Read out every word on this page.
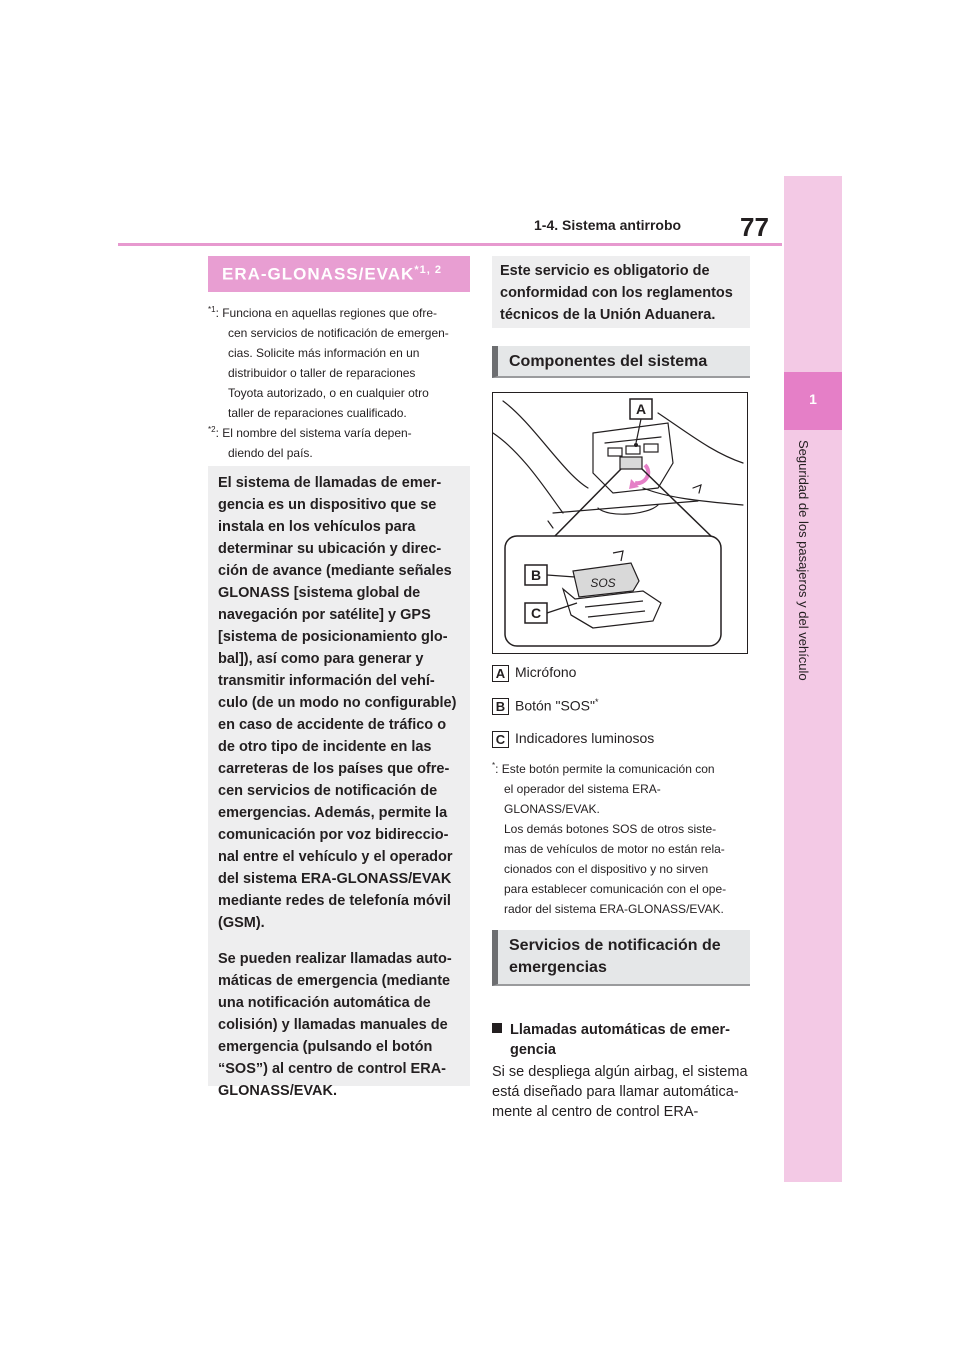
1-4. Sistema antirrobo 77
1
Seguridad de los pasajeros y del vehículo
ERA-GLONASS/EVAK$^{*1, 2}$
$^{*1}$: Funciona en aquellas regiones que ofre-
cen servicios de notificación de emergen-
cias. Solicite más información en un
distribuidor o taller de reparaciones
Toyota autorizado, o en cualquier otro
taller de reparaciones cualificado.
$^{*2}$: El nombre del sistema varía depen-
diendo del país.

El sistema de llamadas de emer-

gencia es un dispositivo que se

instala en los vehículos para

determinar su ubicación y direc-

ción de avance (mediante señales

GLONASS [sistema global de

navegación por satélite] y GPS

[sistema de posicionamiento glo-

bal]), así como para generar y

transmitir información del vehí-

culo (de un modo no configurable)

en caso de accidente de tráfico o

de otro tipo de incidente en las

carreteras de los países que ofre-

cen servicios de notificación de

emergencias. Además, permite la

comunicación por voz bidireccio-

nal entre el vehículo y el operador

del sistema ERA-GLONASS/EVAK

mediante redes de telefonía móvil

(GSM).

Se pueden realizar llamadas auto-

máticas de emergencia (mediante

una notificación automática de

colisión) y llamadas manuales de

emergencia (pulsando el botón

“SOS”) al centro de control ERA-

GLONASS/EVAK.

Este servicio es obligatorio de

conformidad con los reglamentos

técnicos de la Unión Aduanera.

Componentes del sistema
A
SOS
B
C
A Micrófono
B Botón "SOS"*
C Indicadores luminosos
*: Este botón permite la comunicación con
el operador del sistema ERA-
GLONASS/EVAK.
Los demás botones SOS de otros siste-
mas de vehículos de motor no están rela-
cionados con el dispositivo y no sirven
para establecer comunicación con el ope-
rador del sistema ERA-GLONASS/EVAK.
Servicios de notificación de
emergencias
Llamadas automáticas de emer-
gencia
Si se despliega algún airbag, el sistema
está diseñado para llamar automática-
mente al centro de control ERA-
